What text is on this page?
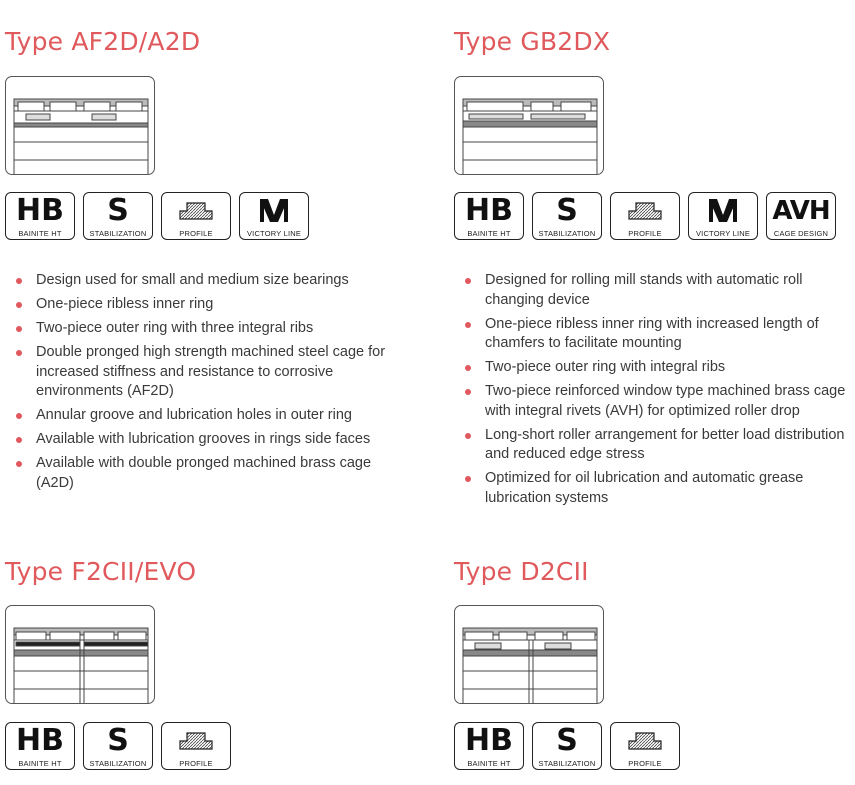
Type AF2D/A2D
HB
BAINITE HT
S
STABILIZATION	PROFILE	VICTORY LINE
Design used for small and medium size bearings
One-piece ribless inner ring
Two-piece outer ring with three integral ribs
Double pronged high strength machined steel cage for increased stiffness and resistance to corrosive environments (AF2D)
Annular groove and lubrication holes in outer ring
Available with lubrication grooves in rings side faces
Available with double pronged machined brass cage (A2D)
Type GB2DX
HB
BAINITE HT
S
STABILIZATION	PROFILE	VICTORY LINE
AVH
CAGE DESIGN
Designed for rolling mill stands with automatic roll changing device
One-piece ribless inner ring with increased length of chamfers to facilitate mounting
Two-piece outer ring with integral ribs
Two-piece reinforced window type machined brass cage with integral rivets (AVH) for optimized roller drop
Long-short roller arrangement for better load distribution and reduced edge stress
Optimized for oil lubrication and automatic grease lubrication systems
Type F2CII/EVO
HB
BAINITE HT
S
STABILIZATION	PROFILE
Type D2CII
HB
BAINITE HT
S
STABILIZATION	PROFILE
